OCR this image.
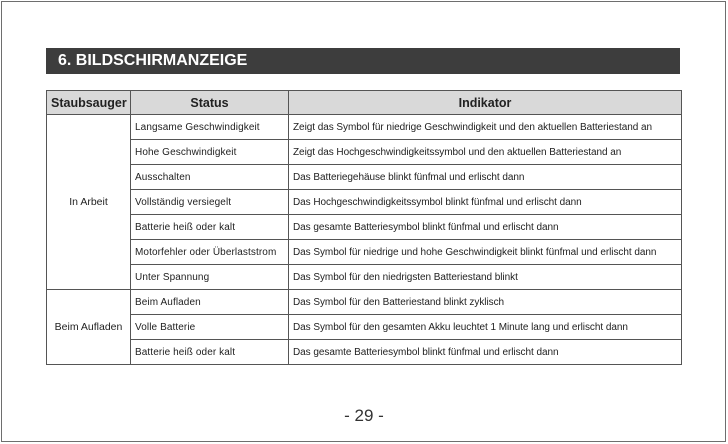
6. BILDSCHIRMANZEIGE
Staubsauger	Status	Indikator
In Arbeit	Langsame Geschwindigkeit	Zeigt das Symbol für niedrige Geschwindigkeit und den aktuellen Batteriestand an
	Hohe Geschwindigkeit	Zeigt das Hochgeschwindigkeitssymbol und den aktuellen Batteriestand an
	Ausschalten	Das Batteriegehäuse blinkt fünfmal und erlischt dann
	Vollständig versiegelt	Das Hochgeschwindigkeitssymbol blinkt fünfmal und erlischt dann
	Batterie heiß oder kalt	Das gesamte Batteriesymbol blinkt fünfmal und erlischt dann
	Motorfehler oder Überlaststrom	Das Symbol für niedrige und hohe Geschwindigkeit blinkt fünfmal und erlischt dann
	Unter Spannung	Das Symbol für den niedrigsten Batteriestand blinkt
Beim Aufladen	Beim Aufladen	Das Symbol für den Batteriestand blinkt zyklisch
	Volle Batterie	Das Symbol für den gesamten Akku leuchtet 1 Minute lang und erlischt dann
	Batterie heiß oder kalt	Das gesamte Batteriesymbol blinkt fünfmal und erlischt dann
- 29 -
